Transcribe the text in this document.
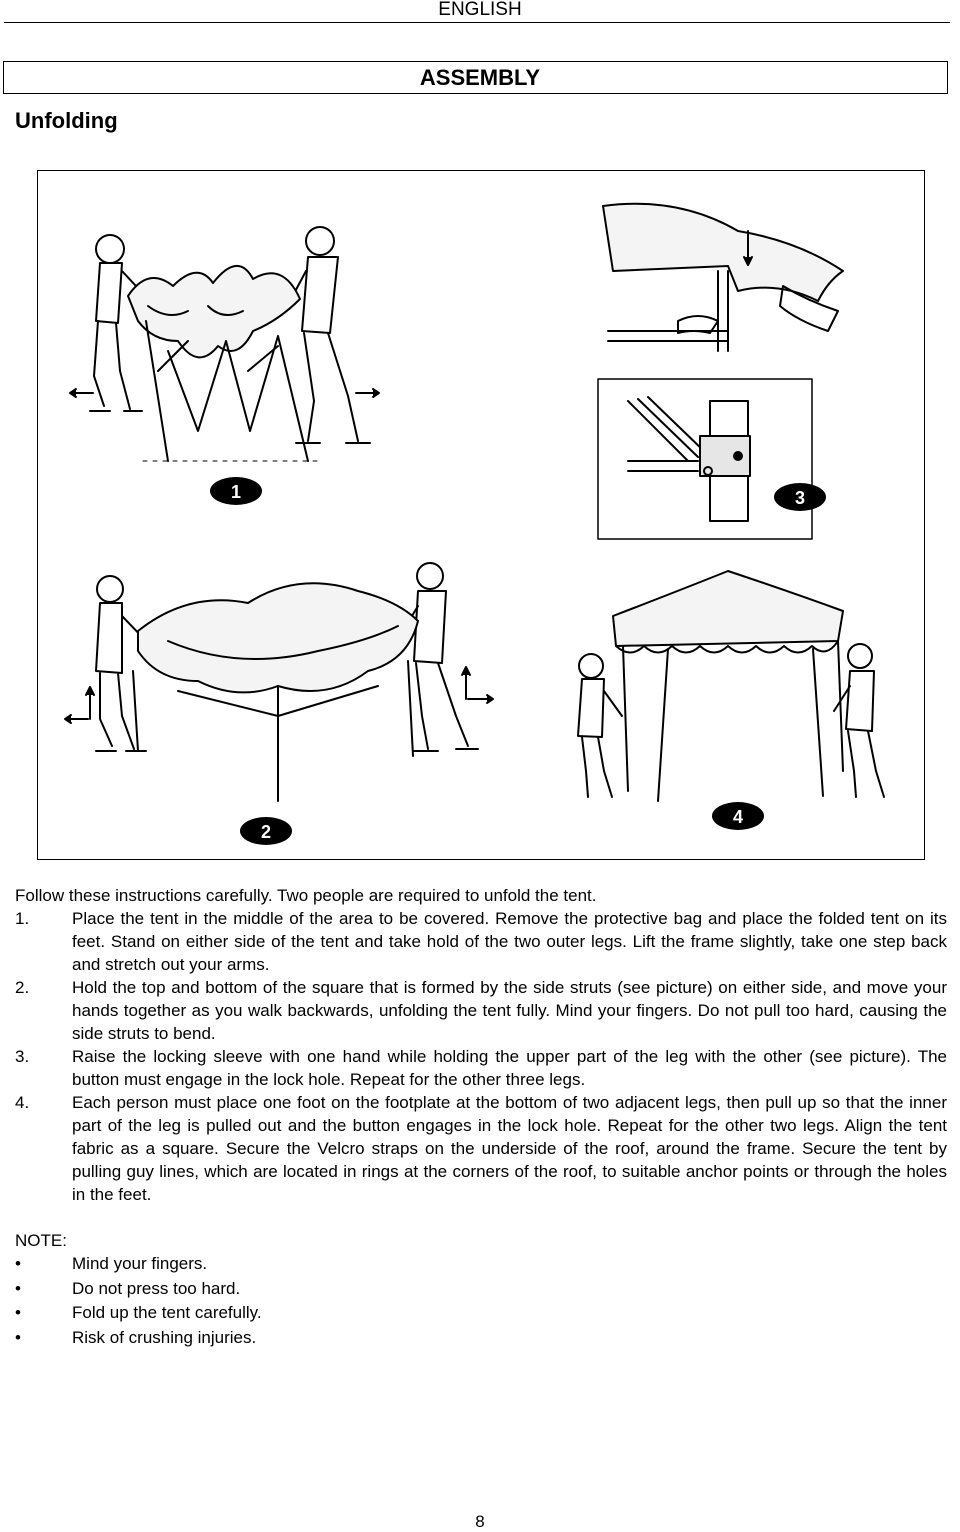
ENGLISH
ASSEMBLY
Unfolding
1	3
2
4

Follow these instructions carefully. Two people are required to unfold the tent.

1.	Place the tent in the middle of the area to be covered. Remove the protective bag and place the folded tent on its feet. Stand on either side of the tent and take hold of the two outer legs. Lift the frame slightly, take one step back and stretch out your arms.
2.	Hold the top and bottom of the square that is formed by the side struts (see picture) on either side, and move your hands together as you walk backwards, unfolding the tent fully. Mind your fingers. Do not pull too hard, causing the side struts to bend.
3.	Raise the locking sleeve with one hand while holding the upper part of the leg with the other (see picture). The button must engage in the lock hole. Repeat for the other three legs.
4.	Each person must place one foot on the footplate at the bottom of two adjacent legs, then pull up so that the inner part of the leg is pulled out and the button engages in the lock hole. Repeat for the other two legs. Align the tent fabric as a square. Secure the Velcro straps on the underside of the roof, around the frame. Secure the tent by pulling guy lines, which are located in rings at the corners of the roof, to suitable anchor points or through the holes in the feet.
NOTE:
•	Mind your fingers.
•	Do not press too hard.
•	Fold up the tent carefully.
•	Risk of crushing injuries.
8
